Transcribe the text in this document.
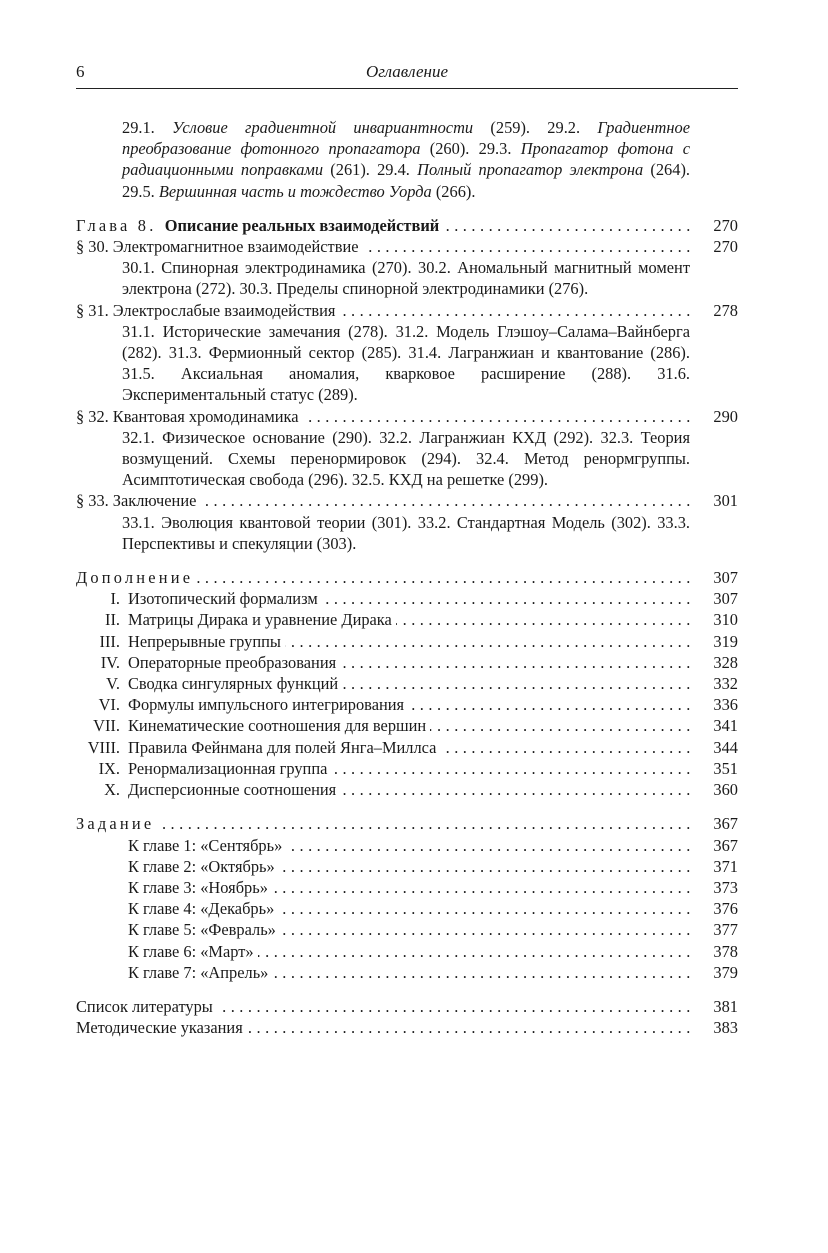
6	Оглавление
29.1. Условие градиентной инвариантности (259). 29.2. Градиентное преобразование фотонного пропагатора (260). 29.3. Пропагатор фотона с радиационными поправками (261). 29.4. Полный пропагатор электрона (264). 29.5. Вершинная часть и тождество Уорда (266).
Глава 8. Описание реальных взаимодействий . . .	270
§ 30. Электромагнитное взаимодействие . . .	270
30.1. Спинорная электродинамика (270). 30.2. Аномальный магнитный момент электрона (272). 30.3. Пределы спинорной электродинамики (276).
§ 31. Электрослабые взаимодействия . . .	278
31.1. Исторические замечания (278). 31.2. Модель Глэшоу–Салама–Вайнберга (282). 31.3. Фермионный сектор (285). 31.4. Лагранжиан и квантование (286). 31.5. Аксиальная аномалия, кварковое расширение (288). 31.6. Экспериментальный статус (289).
§ 32. Квантовая хромодинамика . . .	290
32.1. Физическое основание (290). 32.2. Лагранжиан КХД (292). 32.3. Теория возмущений. Схемы перенормировок (294). 32.4. Метод ренормгруппы. Асимптотическая свобода (296). 32.5. КХД на решетке (299).
§ 33. Заключение . . .	301
33.1. Эволюция квантовой теории (301). 33.2. Стандартная Модель (302). 33.3. Перспективы и спекуляции (303).
Дополнение . . .	307
I. Изотопический формализм . . .	307
II. Матрицы Дирака и уравнение Дирака . . .	310
III. Непрерывные группы . . .	319
IV. Операторные преобразования . . .	328
V. Сводка сингулярных функций . . .	332
VI. Формулы импульсного интегрирования . . .	336
VII. Кинематические соотношения для вершин . . .	341
VIII. Правила Фейнмана для полей Янга–Миллса . . .	344
IX. Ренормализационная группа . . .	351
X. Дисперсионные соотношения . . .	360
Задание . . .	367
К главе 1: «Сентябрь» . . .	367
К главе 2: «Октябрь» . . .	371
К главе 3: «Ноябрь» . . .	373
К главе 4: «Декабрь» . . .	376
К главе 5: «Февраль» . . .	377
К главе 6: «Март» . . .	378
К главе 7: «Апрель» . . .	379
Список литературы . . .	381
Методические указания . . .	383
